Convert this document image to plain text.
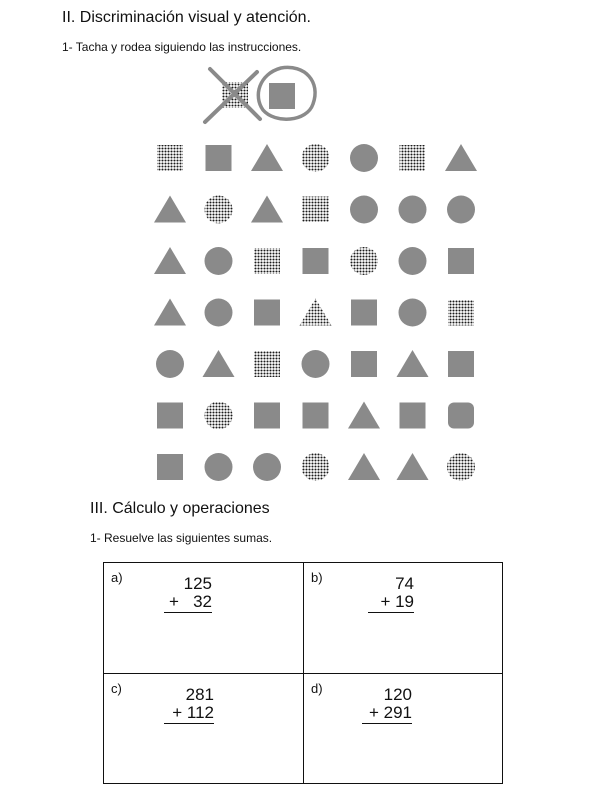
II. Discriminación visual y atención.
1- Tacha y rodea siguiendo las instrucciones.
III. Cálculo y operaciones
1- Resuelve las siguientes sumas.
a)	125
+   32
b)	74
+ 19
c)	281
+ 112
d)	120
+ 291
